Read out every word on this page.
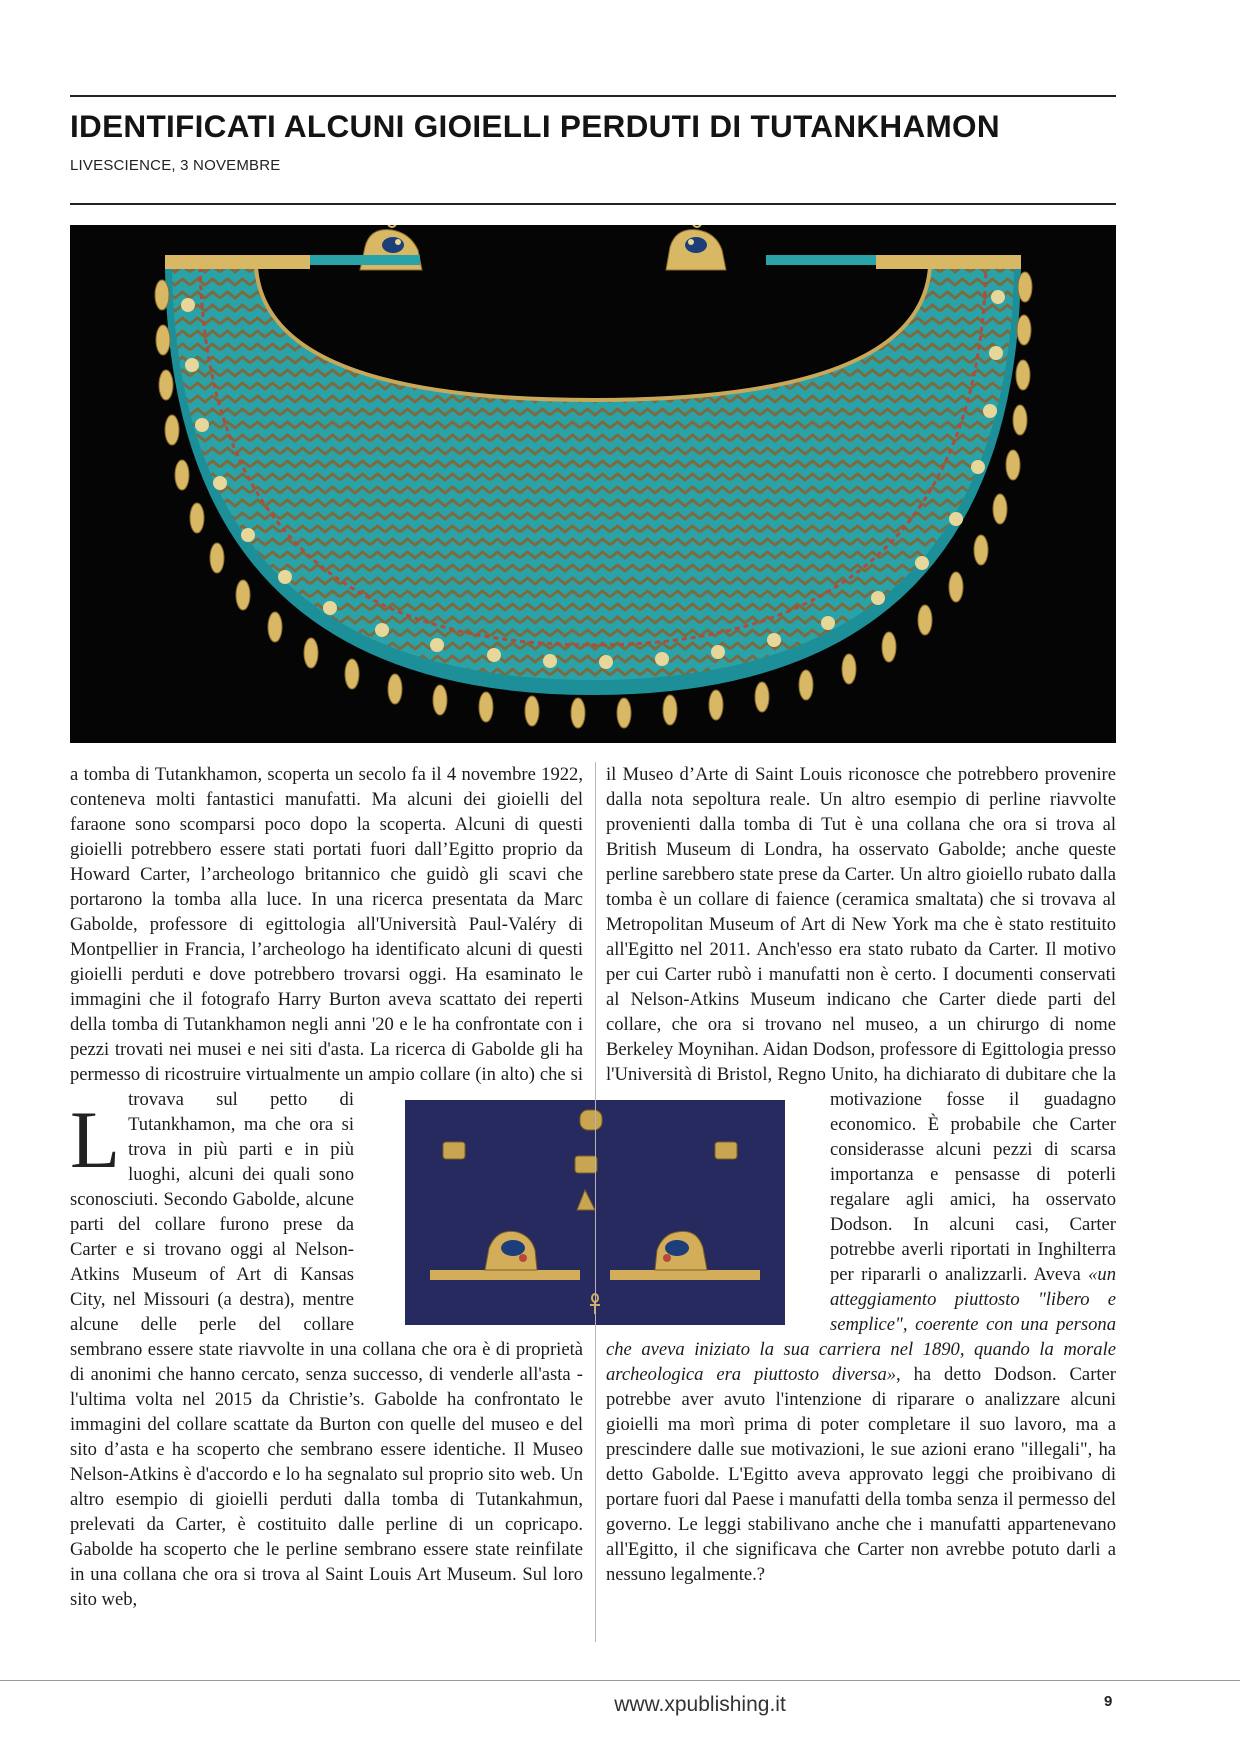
IDENTIFICATI ALCUNI GIOIELLI PERDUTI DI TUTANKHAMON
LIVESCIENCE, 3 NOVEMBRE

L
a tomba di Tutankhamon, scoperta un secolo fa il 4 novembre 1922, conteneva molti fantastici manufatti. Ma alcuni dei gioielli del faraone sono scomparsi poco dopo la scoperta. Alcuni di questi gioielli potrebbero essere stati portati fuori dall’Egitto proprio da Howard Carter, l’archeologo britannico che guidò gli scavi che portarono la tomba alla luce. In una ricerca presentata da Marc Gabolde, professore di egittologia all'Università Paul-Valéry di Montpellier in Francia, l’archeologo ha identificato alcuni di questi gioielli perduti e dove potrebbero trovarsi oggi. Ha esaminato le immagini che il fotografo Harry Burton aveva scattato dei reperti della tomba di Tutankhamon negli anni '20 e le ha confrontate con i pezzi trovati nei musei e nei siti d'asta. La ricerca di Gabolde gli ha permesso di ricostruire virtualmente un ampio collare (in alto) che si trovava sul petto di Tutankhamon, ma che ora si trova in più parti e in più luoghi, alcuni dei quali sono sconosciuti. Secondo Gabolde, alcune parti del collare furono prese da Carter e si trovano oggi al Nelson-Atkins Museum of Art di Kansas City, nel Missouri (a destra), mentre alcune delle perle del collare sembrano essere state riavvolte in una collana che ora è di proprietà di anonimi che hanno cercato, senza successo, di venderle all'asta - l'ultima volta nel 2015 da Christie’s. Gabolde ha confrontato le immagini del collare scattate da Burton con quelle del museo e del sito d’asta e ha scoperto che sembrano essere identiche. Il Museo Nelson-Atkins è d'accordo e lo ha segnalato sul proprio sito web. Un altro esempio di gioielli perduti dalla tomba di Tutankahmun, prelevati da Carter, è costituito dalle perline di un copricapo. Gabolde ha scoperto che le perline sembrano essere state reinfilate in una collana che ora si trova al Saint Louis Art Museum. Sul loro sito web,

il Museo d’Arte di Saint Louis riconosce che potrebbero provenire dalla nota sepoltura reale. Un altro esempio di perline riavvolte provenienti dalla tomba di Tut è una collana che ora si trova al British Museum di Londra, ha osservato Gabolde; anche queste perline sarebbero state prese da Carter. Un altro gioiello rubato dalla tomba è un collare di faience (ceramica smaltata) che si trovava al Metropolitan Museum of Art di New York ma che è stato restituito all'Egitto nel 2011. Anch'esso era stato rubato da Carter. Il motivo per cui Carter rubò i manufatti non è certo. I documenti conservati al Nelson-Atkins Museum indicano che Carter diede parti del collare, che ora si trovano nel museo, a un chirurgo di nome Berkeley Moynihan. Aidan Dodson, professore di Egittologia presso l'Università di Bristol, Regno Unito, ha dichiarato di dubitare che la motivazione fosse il guadagno economico. È probabile che Carter considerasse alcuni pezzi di scarsa importanza e pensasse di poterli regalare agli amici, ha osservato Dodson. In alcuni casi, Carter potrebbe averli riportati in Inghilterra per ripararli o analizzarli. Aveva «un atteggiamento piuttosto "libero e semplice", coerente con una persona che aveva iniziato la sua carriera nel 1890, quando la morale archeologica era piuttosto diversa», ha detto Dodson. Carter potrebbe aver avuto l'intenzione di riparare o analizzare alcuni gioielli ma morì prima di poter completare il suo lavoro, ma a prescindere dalle sue motivazioni, le sue azioni erano "illegali", ha detto Gabolde. L'Egitto aveva approvato leggi che proibivano di portare fuori dal Paese i manufatti della tomba senza il permesso del governo. Le leggi stabilivano anche che i manufatti appartenevano all'Egitto, il che significava che Carter non avrebbe potuto darli a nessuno legalmente.?

www.xpublishing.it	9
